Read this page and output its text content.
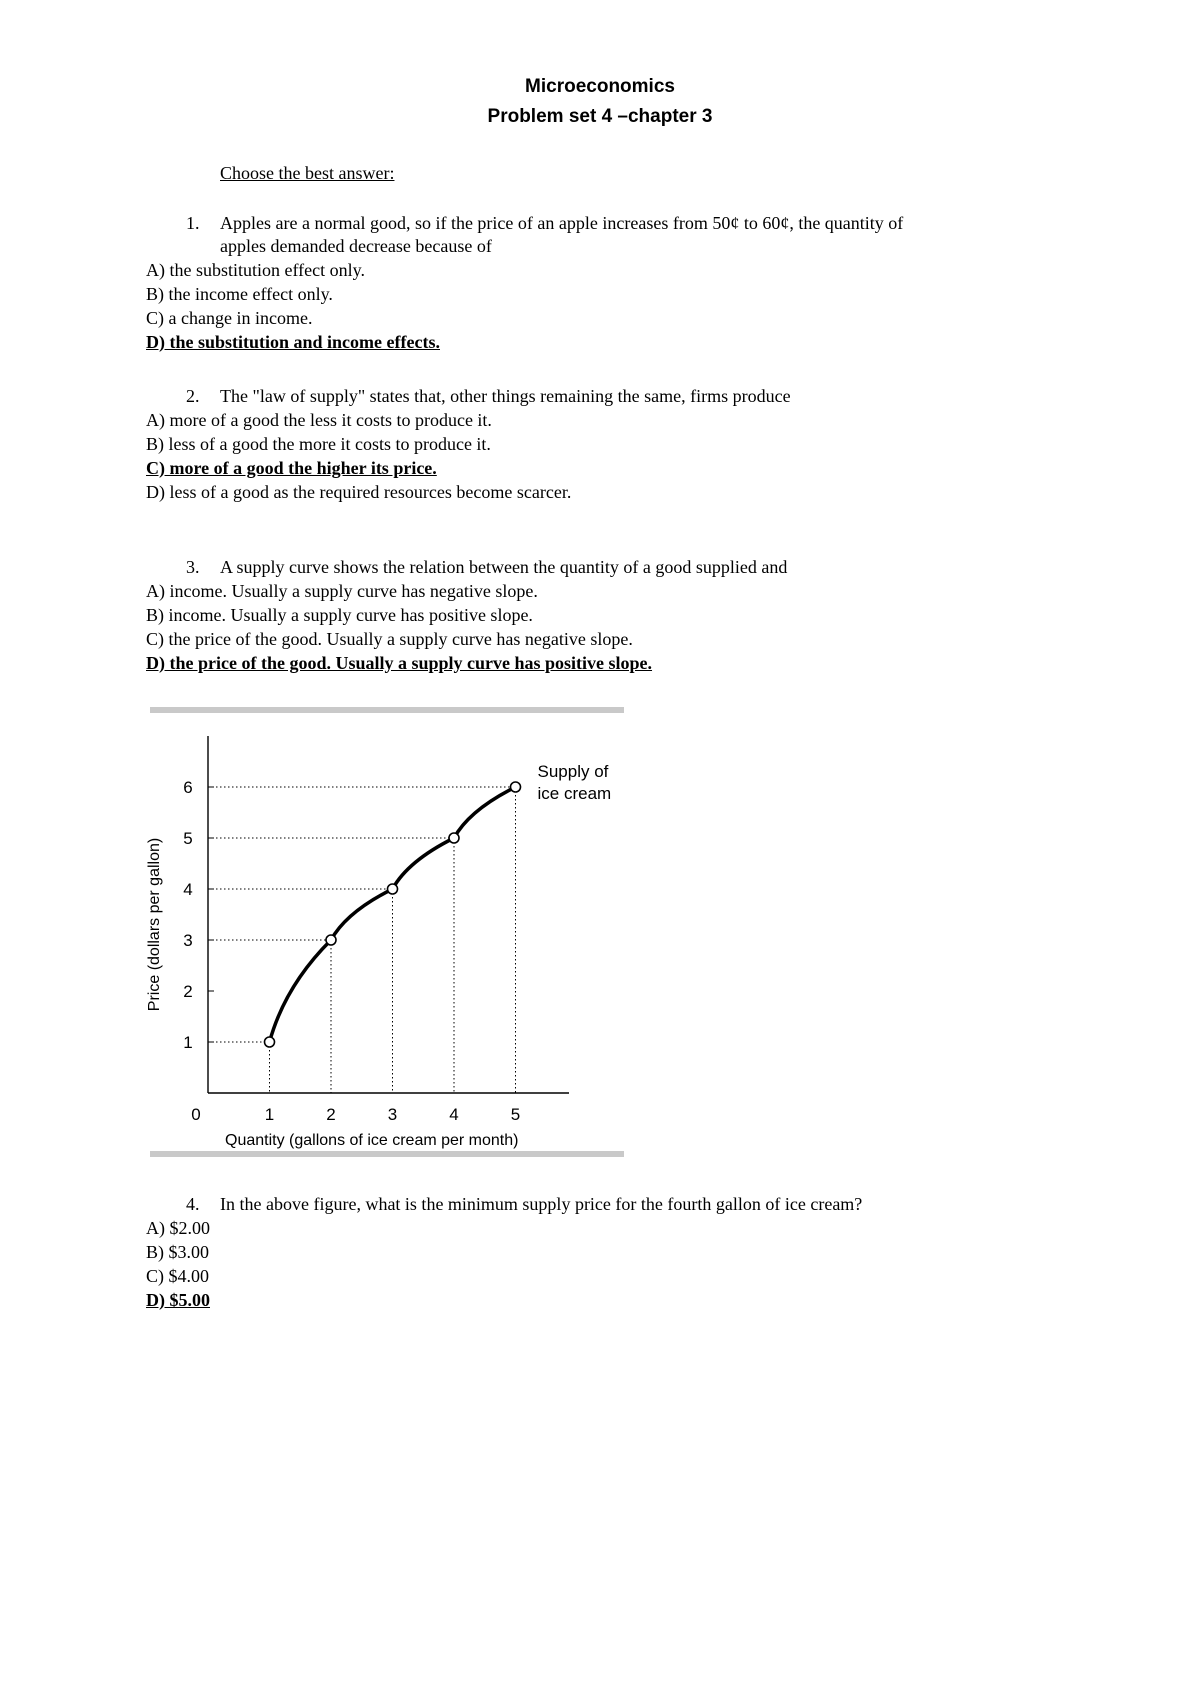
Microeconomics
Problem set 4 –chapter 3
Choose the best answer:
1. Apples are a normal good, so if the price of an apple increases from 50¢ to 60¢, the quantity of
apples demanded decrease because of
A) the substitution effect only.
B) the income effect only.
C) a change in income.
D) the substitution and income effects.
2. The "law of supply" states that, other things remaining the same, firms produce
A) more of a good the less it costs to produce it.
B) less of a good the more it costs to produce it.
C) more of a good the higher its price.
D) less of a good as the required resources become scarcer.
3. A supply curve shows the relation between the quantity of a good supplied and
A) income. Usually a supply curve has negative slope.
B) income. Usually a supply curve has positive slope.
C) the price of the good. Usually a supply curve has negative slope.
D) the price of the good. Usually a supply curve has positive slope.
1
2
3
4
5
6
0	1	2	3	4	5
Quantity (gallons of ice cream per month)
Price (dollars per gallon)
Supply of
ice cream
4. In the above figure, what is the minimum supply price for the fourth gallon of ice cream?
A) $2.00
B) $3.00
C) $4.00
D) $5.00
